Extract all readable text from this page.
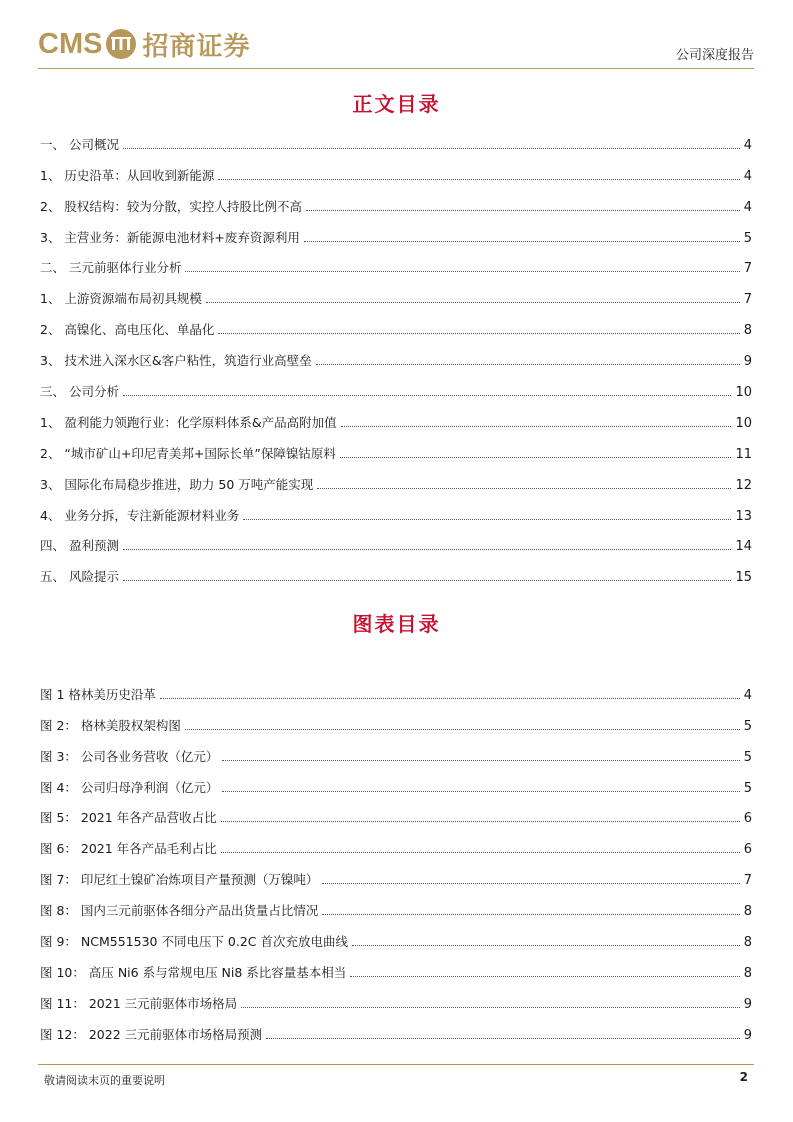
CMS 招商证券	公司深度报告
正文目录
一、 公司概况	4
1、 历史沿革：从回收到新能源	4
2、 股权结构：较为分散，实控人持股比例不高	4
3、 主营业务：新能源电池材料+废弃资源利用	5
二、 三元前驱体行业分析	7
1、 上游资源端布局初具规模	7
2、 高镍化、高电压化、单晶化	8
3、 技术进入深水区&客户粘性，筑造行业高壁垒	9
三、 公司分析	10
1、 盈利能力领跑行业：化学原料体系&产品高附加值	10
2、 “城市矿山+印尼青美邦+国际长单”保障镍钴原料	11
3、 国际化布局稳步推进，助力 50 万吨产能实现	12
4、 业务分拆，专注新能源材料业务	13
四、 盈利预测	14
五、 风险提示	15
图表目录
图 1 格林美历史沿革	4
图 2： 格林美股权架构图	5
图 3： 公司各业务营收（亿元）	5
图 4： 公司归母净利润（亿元）	5
图 5： 2021 年各产品营收占比	6
图 6： 2021 年各产品毛利占比	6
图 7： 印尼红土镍矿冶炼项目产量预测（万镍吨）	7
图 8： 国内三元前驱体各细分产品出货量占比情况	8
图 9： NCM551530 不同电压下 0.2C 首次充放电曲线	8
图 10： 高压 Ni6 系与常规电压 Ni8 系比容量基本相当	8
图 11： 2021 三元前驱体市场格局	9
图 12： 2022 三元前驱体市场格局预测	9
敬请阅读末页的重要说明	2
